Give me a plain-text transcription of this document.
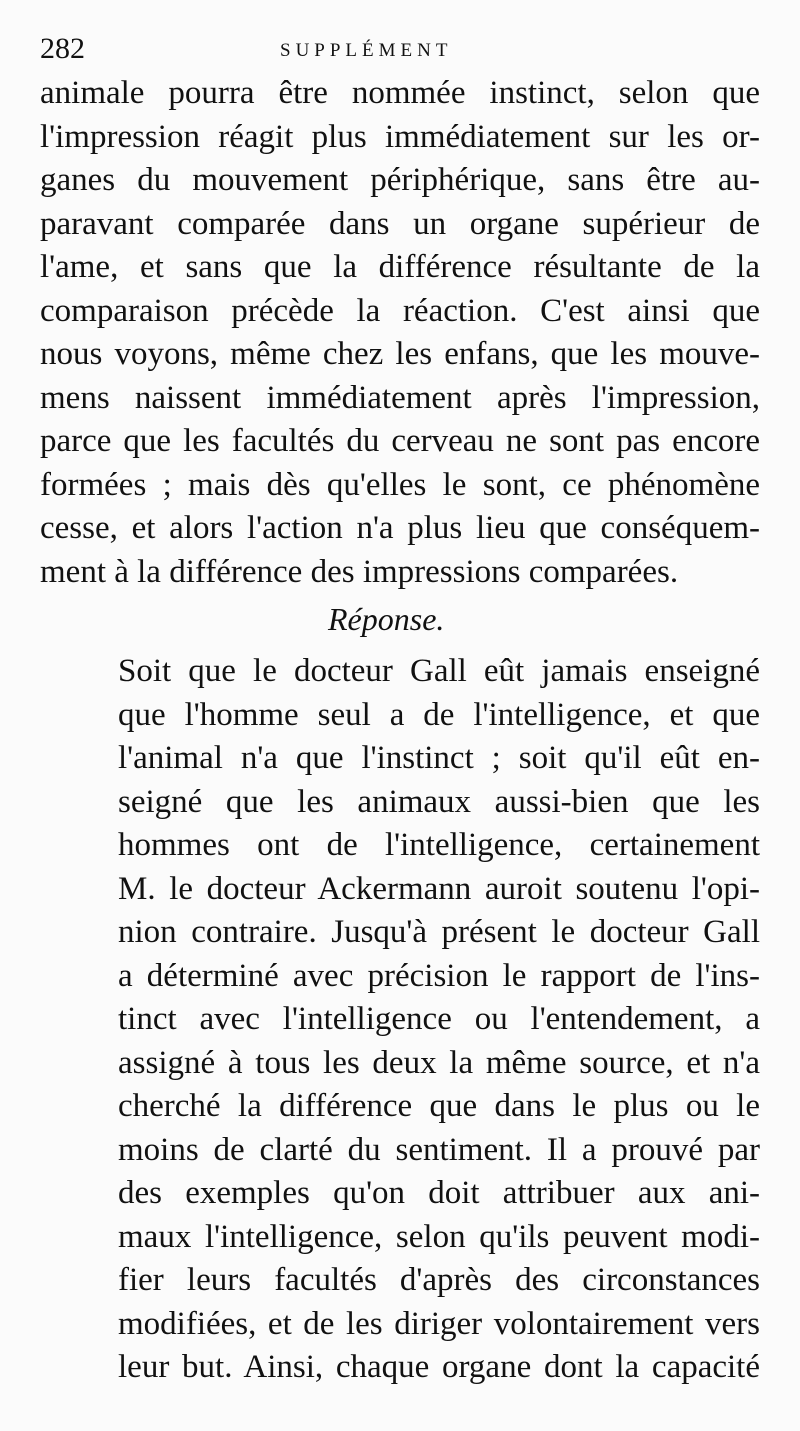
282	SUPPLÉMENT
animale pourra être nommée instinct, selon que
l'impression réagit plus immédiatement sur les or-
ganes du mouvement périphérique, sans être au-
paravant comparée dans un organe supérieur de
l'ame, et sans que la différence résultante de la
comparaison précède la réaction. C'est ainsi que
nous voyons, même chez les enfans, que les mouve-
mens naissent immédiatement après l'impression,
parce que les facultés du cerveau ne sont pas encore
formées ; mais dès qu'elles le sont, ce phénomène
cesse, et alors l'action n'a plus lieu que conséquem-
ment à la différence des impressions comparées.
Réponse.
Soit que le docteur Gall eût jamais enseigné
que l'homme seul a de l'intelligence, et que
l'animal n'a que l'instinct ; soit qu'il eût en-
seigné que les animaux aussi-bien que les
hommes ont de l'intelligence, certainement
M. le docteur Ackermann auroit soutenu l'opi-
nion contraire. Jusqu'à présent le docteur Gall
a déterminé avec précision le rapport de l'ins-
tinct avec l'intelligence ou l'entendement, a
assigné à tous les deux la même source, et n'a
cherché la différence que dans le plus ou le
moins de clarté du sentiment. Il a prouvé par
des exemples qu'on doit attribuer aux ani-
maux l'intelligence, selon qu'ils peuvent modi-
fier leurs facultés d'après des circonstances
modifiées, et de les diriger volontairement vers
leur but. Ainsi, chaque organe dont la capacité
